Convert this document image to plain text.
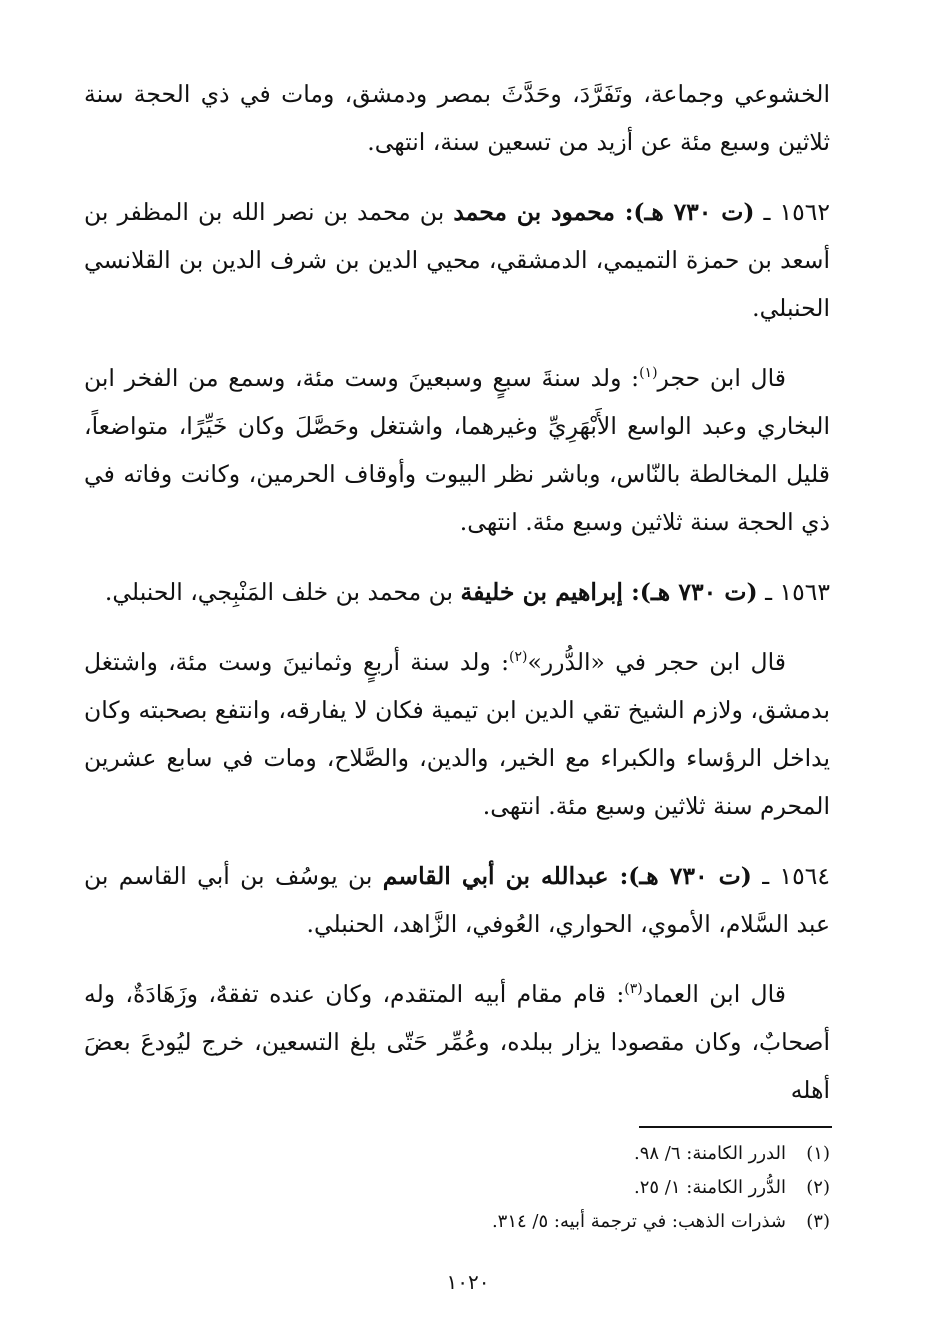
الخشوعي وجماعة، وتَفَرَّدَ، وحَدَّثَ بمصر ودمشق، ومات في ذي الحجة سنة ثلاثين وسبع مئة عن أزيد من تسعين سنة، انتهى.

١٥٦٢ ـ (ت ٧٣٠ هـ): محمود بن محمد بن محمد بن نصر الله بن المظفر بن أسعد بن حمزة التميمي، الدمشقي، محيي الدين بن شرف الدين بن القلانسي الحنبلي.

قال ابن حجر$^{(١)}$: ولد سنةَ سبعٍ وسبعينَ وست مئة، وسمع من الفخر ابن البخاري وعبد الواسع الأَبْهَرِيِّ وغيرهما، واشتغل وحَصَّلَ وكان خَيِّرًا، متواضعاً، قليل المخالطة بالنّاس، وباشر نظر البيوت وأوقاف الحرمين، وكانت وفاته في ذي الحجة سنة ثلاثين وسبع مئة. انتهى.

١٥٦٣ ـ (ت ٧٣٠ هـ): إبراهيم بن خليفة بن محمد بن خلف المَنْبِجي، الحنبلي.

قال ابن حجر في «الدُّرر»$^{(٢)}$: ولد سنة أربعٍ وثمانينَ وست مئة، واشتغل بدمشق، ولازم الشيخ تقي الدين ابن تيمية فكان لا يفارقه، وانتفع بصحبته وكان يداخل الرؤساء والكبراء مع الخير، والدين، والصَّلاح، ومات في سابع عشرين المحرم سنة ثلاثين وسبع مئة. انتهى.

١٥٦٤ ـ (ت ٧٣٠ هـ): عبدالله بن أبي القاسم بن يوسُف بن أبي القاسم بن عبد السَّلام، الأموي، الحواري، العُوفي، الزَّاهد، الحنبلي.

قال ابن العماد$^{(٣)}$: قام مقام أبيه المتقدم، وكان عنده تفقهٌ، وزَهَادَةٌ، وله أصحابٌ، وكان مقصودا يزار ببلده، وعُمِّر حَتّى بلغ التسعين، خرج ليُودعَ بعضَ أهله

(١)
الدرر الكامنة: ٦/ ٩٨.
(٢)
الدُّرر الكامنة: ١/ ٢٥.
(٣)
شذرات الذهب: في ترجمة أبيه: ٥/ ٣١٤.
١٠٢٠
